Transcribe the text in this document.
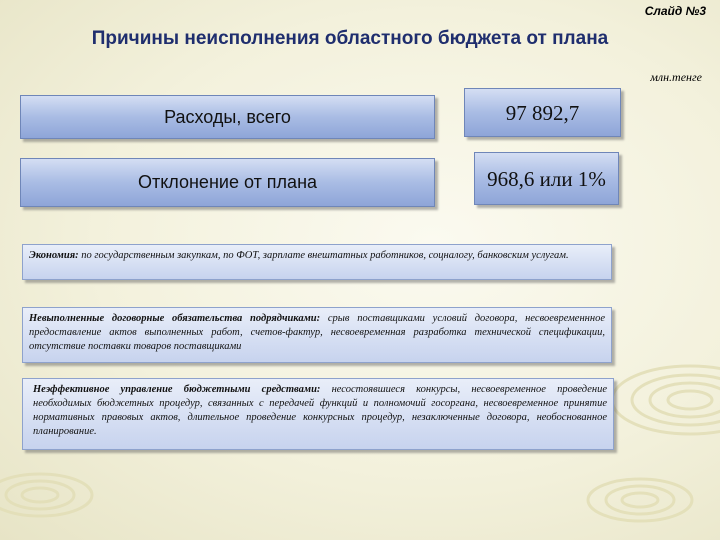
Слайд №3
Причины неисполнения областного бюджета от плана
млн.тенге
Расходы, всего	97 892,7
Отклонение от плана	968,6 или 1%
Экономия: по государственным закупкам, по ФОТ, зарплате внештатных работников, соцналогу, банковским услугам.
Невыполненные договорные обязательства подрядчиками: срыв поставщиками условий договора, несвоевременнное предоставление актов выполненных работ, счетов-фактур, несвоевременная разработка технической спецификации, отсутствие поставки товаров поставщиками
Неэффективное управление бюджетными средствами: несостоявшиеся конкурсы, несвоевременное проведение необходимых бюджетных процедур, связанных с передачей функций и полномочий госоргана, несвоевременное принятие нормативных правовых актов, длительное проведение конкурсных процедур, незаключенные договора, необоснованное планирование.
